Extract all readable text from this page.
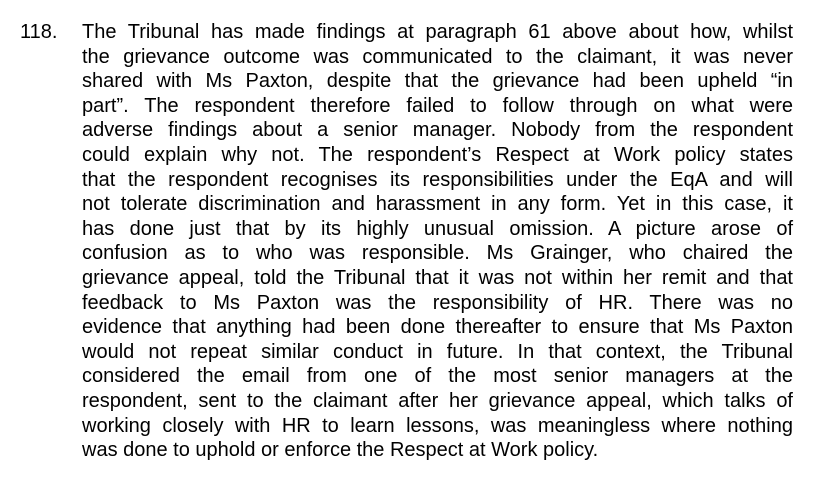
118. The Tribunal has made findings at paragraph 61 above about how, whilst
the grievance outcome was communicated to the claimant, it was never
shared with Ms Paxton, despite that the grievance had been upheld “in
part”. The respondent therefore failed to follow through on what were
adverse findings about a senior manager. Nobody from the respondent
could explain why not. The respondent’s Respect at Work policy states
that the respondent recognises its responsibilities under the EqA and will
not tolerate discrimination and harassment in any form. Yet in this case, it
has done just that by its highly unusual omission. A picture arose of
confusion as to who was responsible. Ms Grainger, who chaired the
grievance appeal, told the Tribunal that it was not within her remit and that
feedback to Ms Paxton was the responsibility of HR. There was no
evidence that anything had been done thereafter to ensure that Ms Paxton
would not repeat similar conduct in future. In that context, the Tribunal
considered the email from one of the most senior managers at the
respondent, sent to the claimant after her grievance appeal, which talks of
working closely with HR to learn lessons, was meaningless where nothing
was done to uphold or enforce the Respect at Work policy.
